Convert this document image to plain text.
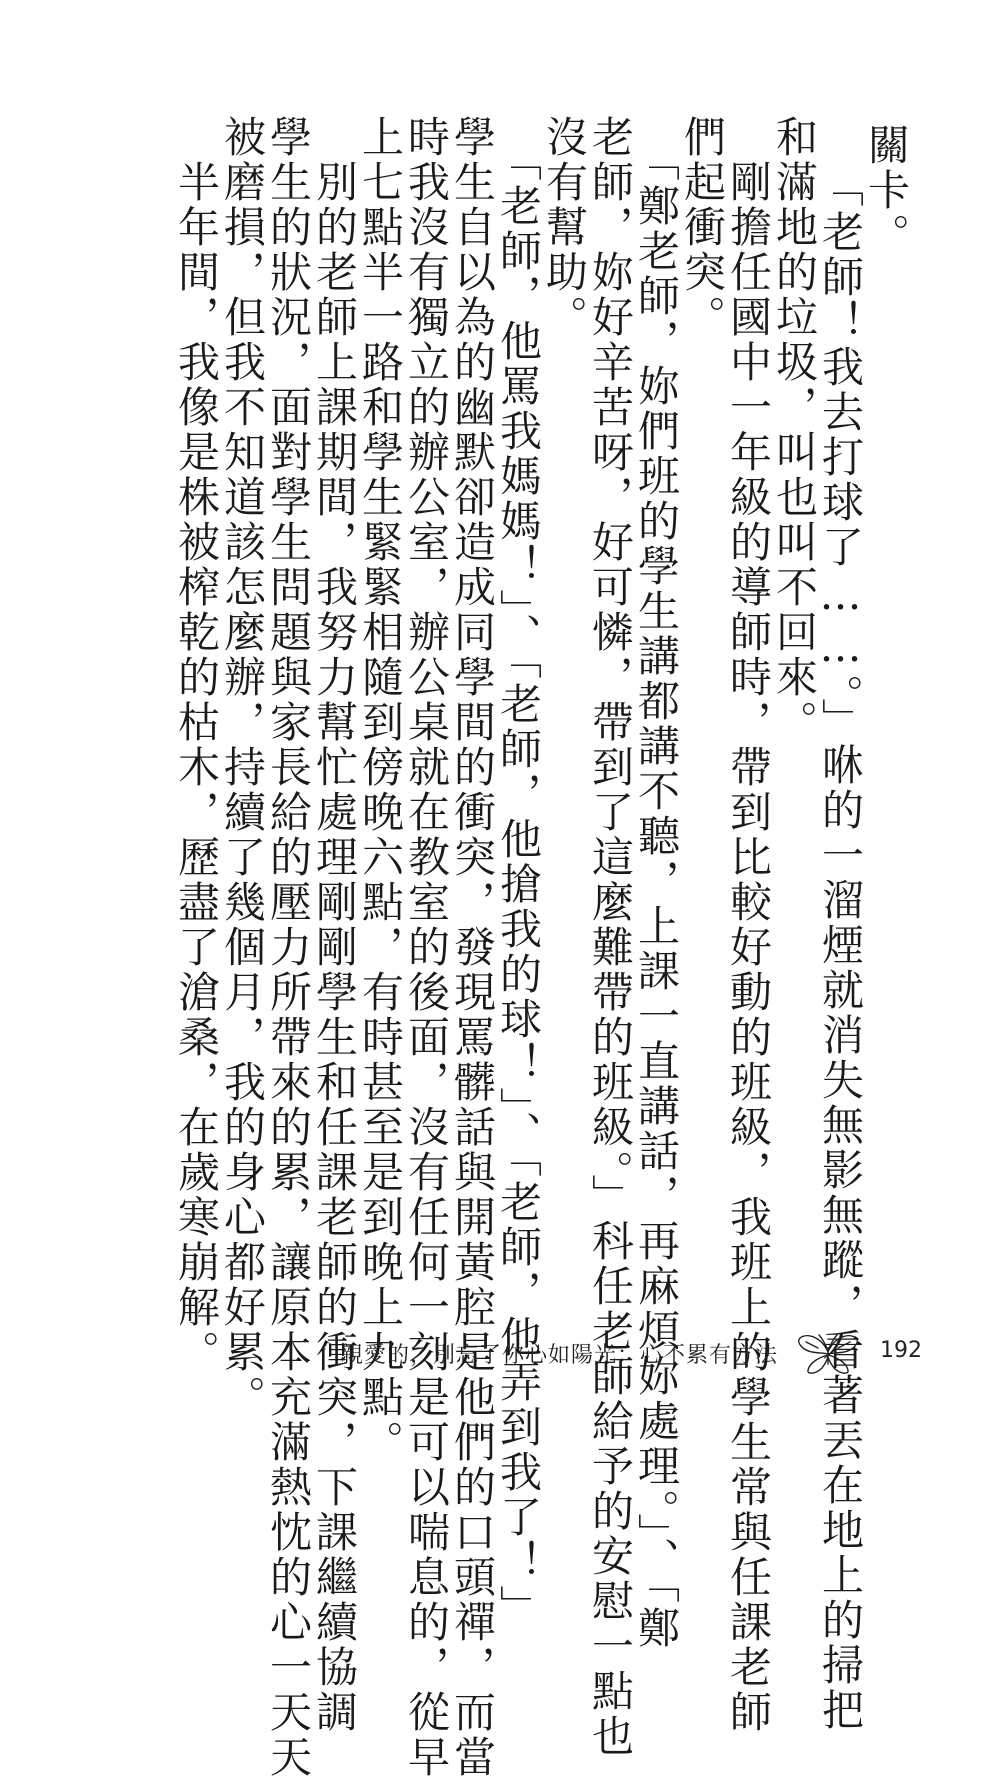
關卡。
「老師！我去打球了……。」咻的一溜煙就消失無影無蹤，看著丟在地上的掃把
和滿地的垃圾，叫也叫不回來。
　剛擔任國中一年級的導師時，帶到比較好動的班級，我班上的學生常與任課老師
們起衝突。
　「鄭老師，妳們班的學生講都講不聽，上課一直講話，再麻煩妳處理。」、「鄭
老師，妳好辛苦呀，好可憐，帶到了這麼難帶的班級。」科任老師給予的安慰一點也
沒有幫助。
　「老師，他罵我媽媽！」、「老師，他搶我的球！」、「老師，他弄到我了！」
學生自以為的幽默卻造成同學間的衝突，發現罵髒話與開黃腔是他們的口頭禪，而當
時我沒有獨立的辦公室，辦公桌就在教室的後面，沒有任何一刻是可以喘息的，從早
上七點半一路和學生緊緊相隨到傍晚六點，有時甚至是到晚上九點。
　別的老師上課期間，我努力幫忙處理剛剛學生和任課老師的衝突，下課繼續協調
學生的狀況，面對學生問題與家長給的壓力所帶來的累，讓原本充滿熱忱的心一天天
被磨損，但我不知道該怎麼辦，持續了幾個月，我的身心都好累。
　半年間，我像是株被榨乾的枯木，歷盡了滄桑，在歲寒崩解。	親愛的，別忘了你心如陽光：心不累有方法	192
